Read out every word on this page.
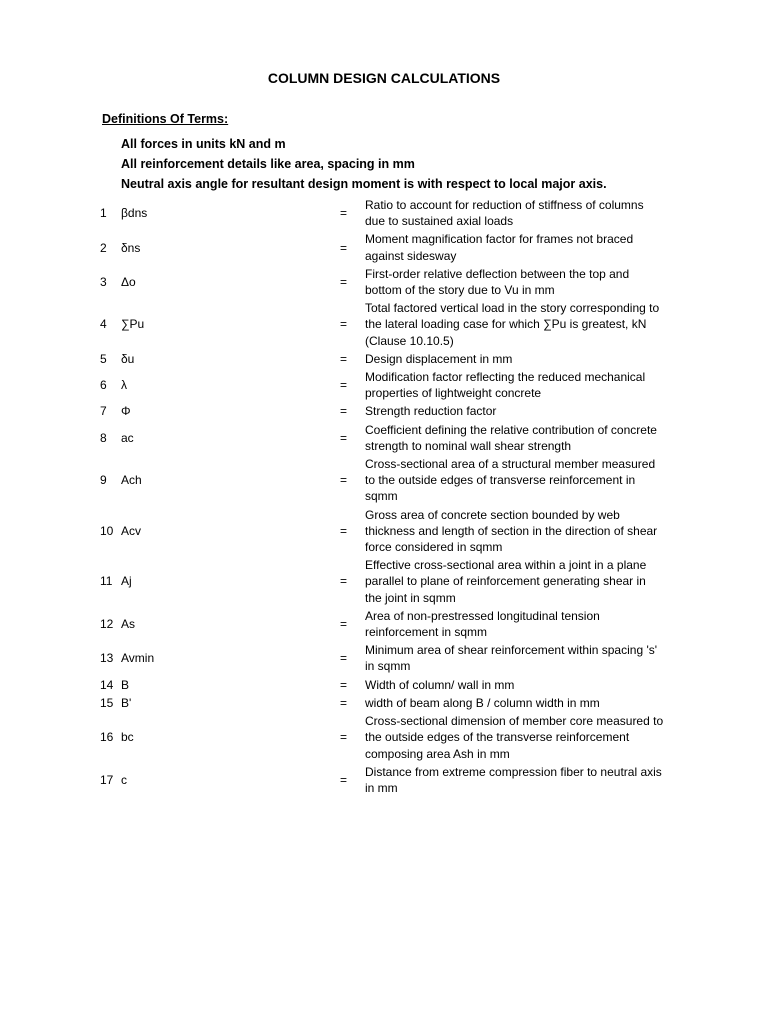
COLUMN DESIGN CALCULATIONS
Definitions Of Terms:
All forces in units kN and m
All reinforcement details like area, spacing in mm
Neutral axis angle for resultant design moment is with respect to local major axis.
1	βdns	=
Ratio to account for reduction of stiffness of columns due to sustained axial loads
2	δns	=
Moment magnification factor for frames not braced against sidesway
3	Δo	=
First-order relative deflection between the top and bottom of the story due to Vu in mm
4	∑Pu	=
Total factored vertical load in the story corresponding to the lateral loading case for which ∑Pu is greatest, kN (Clause 10.10.5)
5	δu	= Design displacement in mm
6	λ	=
Modification factor reflecting the reduced mechanical properties of lightweight concrete
7	Φ	= Strength reduction factor
8	ac	=
Coefficient defining the relative contribution of concrete strength to nominal wall shear strength
9	Ach	=
Cross-sectional area of a structural member measured to the outside edges of transverse reinforcement in sqmm
10 Acv	=
Gross area of concrete section bounded by web thickness and length of section in the direction of shear force considered in sqmm
11 Aj	=
Effective cross-sectional area within a joint in a plane parallel to plane of reinforcement generating shear in the joint in sqmm
12 As	=
Area of non-prestressed longitudinal tension reinforcement in sqmm
13 Avmin	=
Minimum area of shear reinforcement within spacing 's' in sqmm
14 B	= Width of column/ wall in mm
15 B'	= width of beam along B / column width in mm
16 bc	=
Cross-sectional dimension of member core measured to the outside edges of the transverse reinforcement composing area Ash in mm
17 c	=
Distance from extreme compression fiber to neutral axis in mm
